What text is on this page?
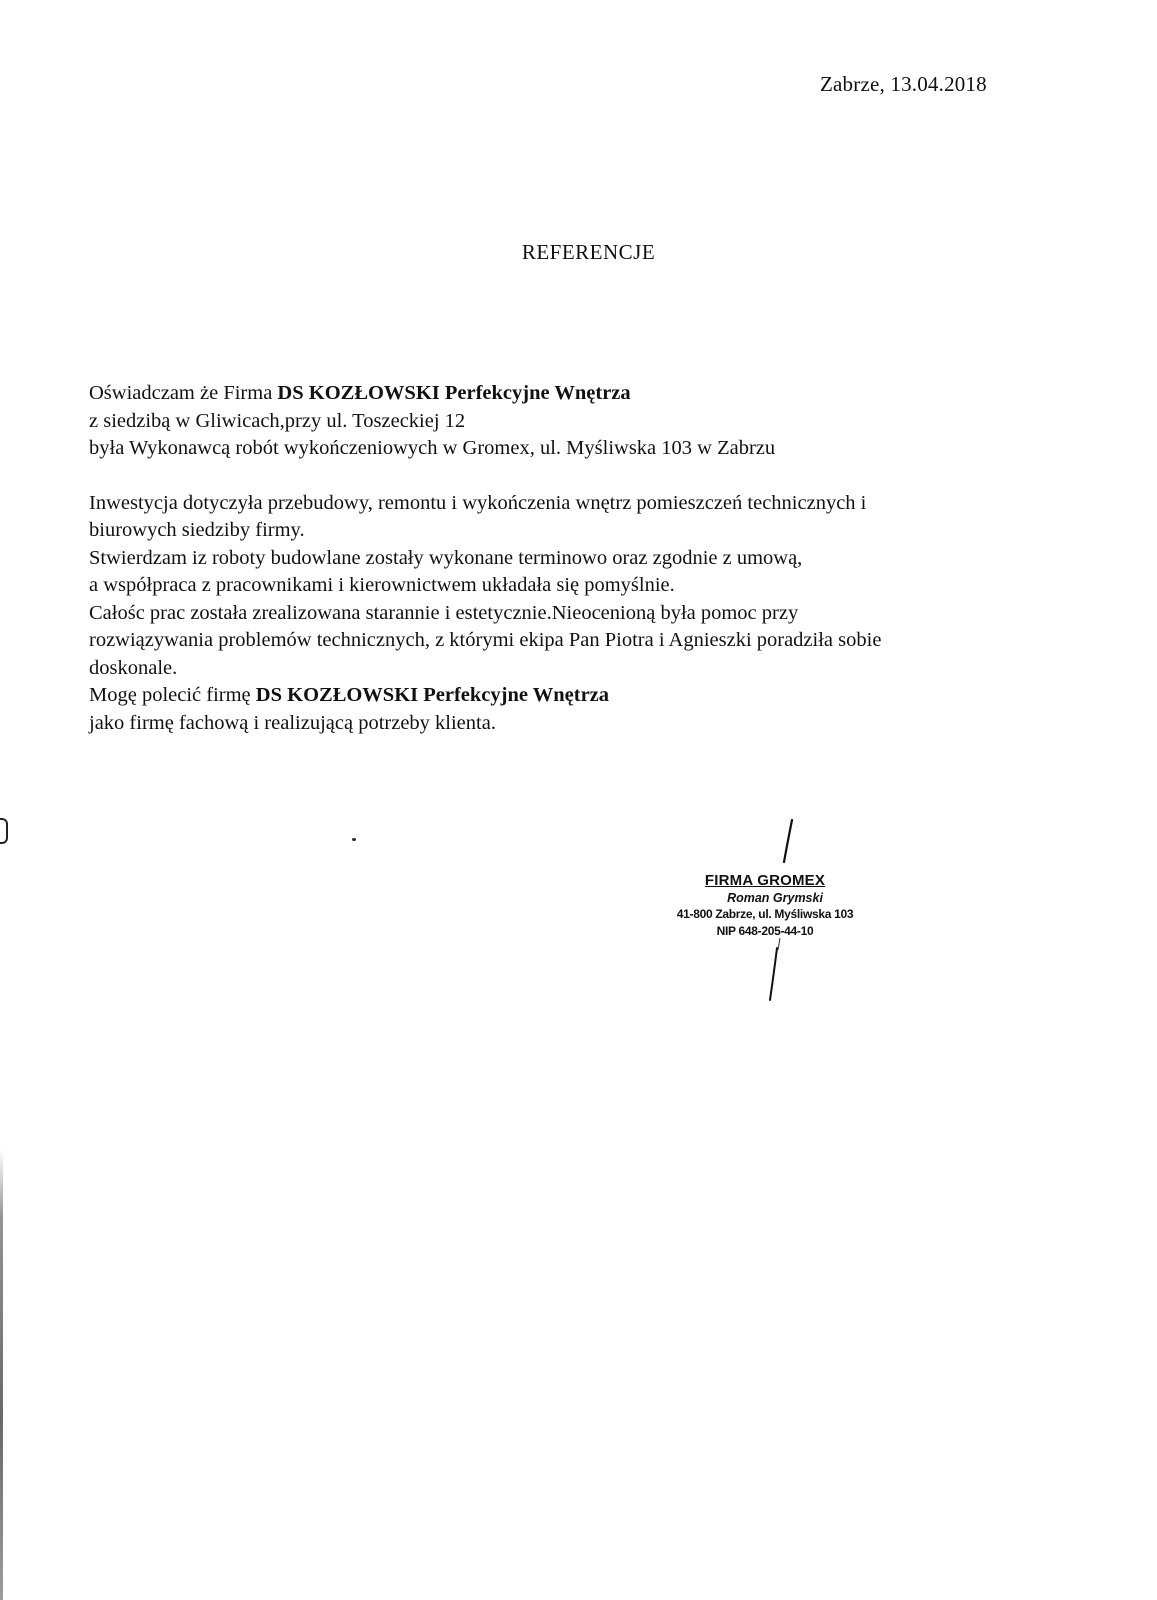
Zabrze, 13.04.2018
REFERENCJE
Oświadczam że Firma DS KOZŁOWSKI Perfekcyjne Wnętrza
z siedzibą w Gliwicach,przy ul. Toszeckiej 12
była Wykonawcą robót wykończeniowych w Gromex, ul. Myśliwska 103 w Zabrzu
Inwestycja dotyczyła przebudowy, remontu i wykończenia wnętrz pomieszczeń technicznych i
biurowych siedziby firmy.
Stwierdzam iz roboty budowlane zostały wykonane terminowo oraz zgodnie z umową,
a współpraca z pracownikami i kierownictwem układała się pomyślnie.
Całośc prac została zrealizowana starannie i estetycznie.Nieocenioną była pomoc przy
rozwiązywania problemów technicznych, z którymi ekipa Pan Piotra i Agnieszki poradziła sobie
doskonale.
Mogę polecić firmę DS KOZŁOWSKI Perfekcyjne Wnętrza
jako firmę fachową i realizującą potrzeby klienta.
FIRMA GROMEX
Roman Grymski
41-800 Zabrze, ul. Myśliwska 103
NIP 648-205-44-10
